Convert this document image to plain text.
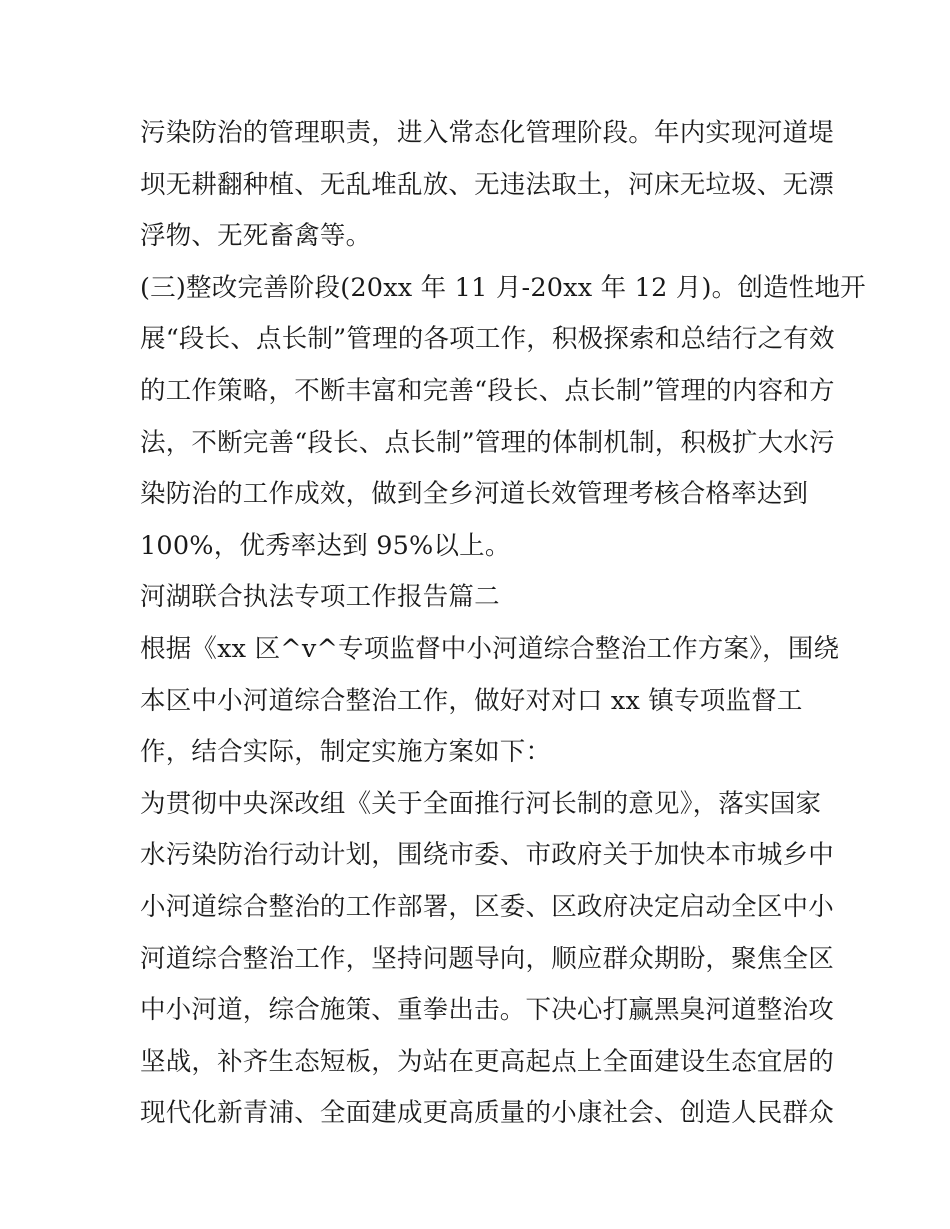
污染防治的管理职责，进入常态化管理阶段。年内实现河道堤
坝无耕翻种植、无乱堆乱放、无违法取土，河床无垃圾、无漂
浮物、无死畜禽等。
(三)整改完善阶段(20xx 年 11 月-20xx 年 12 月)。创造性地开
展“段长、点长制”管理的各项工作，积极探索和总结行之有效
的工作策略，不断丰富和完善“段长、点长制”管理的内容和方
法，不断完善“段长、点长制”管理的体制机制，积极扩大水污
染防治的工作成效，做到全乡河道长效管理考核合格率达到
100%，优秀率达到 95%以上。
河湖联合执法专项工作报告篇二
根据《xx 区^v^专项监督中小河道综合整治工作方案》，围绕
本区中小河道综合整治工作，做好对对口 xx 镇专项监督工
作，结合实际，制定实施方案如下：
为贯彻中央深改组《关于全面推行河长制的意见》，落实国家
水污染防治行动计划，围绕市委、市政府关于加快本市城乡中
小河道综合整治的工作部署，区委、区政府决定启动全区中小
河道综合整治工作，坚持问题导向，顺应群众期盼，聚焦全区
中小河道，综合施策、重拳出击。下决心打赢黑臭河道整治攻
坚战，补齐生态短板，为站在更高起点上全面建设生态宜居的
现代化新青浦、全面建成更高质量的小康社会、创造人民群众
